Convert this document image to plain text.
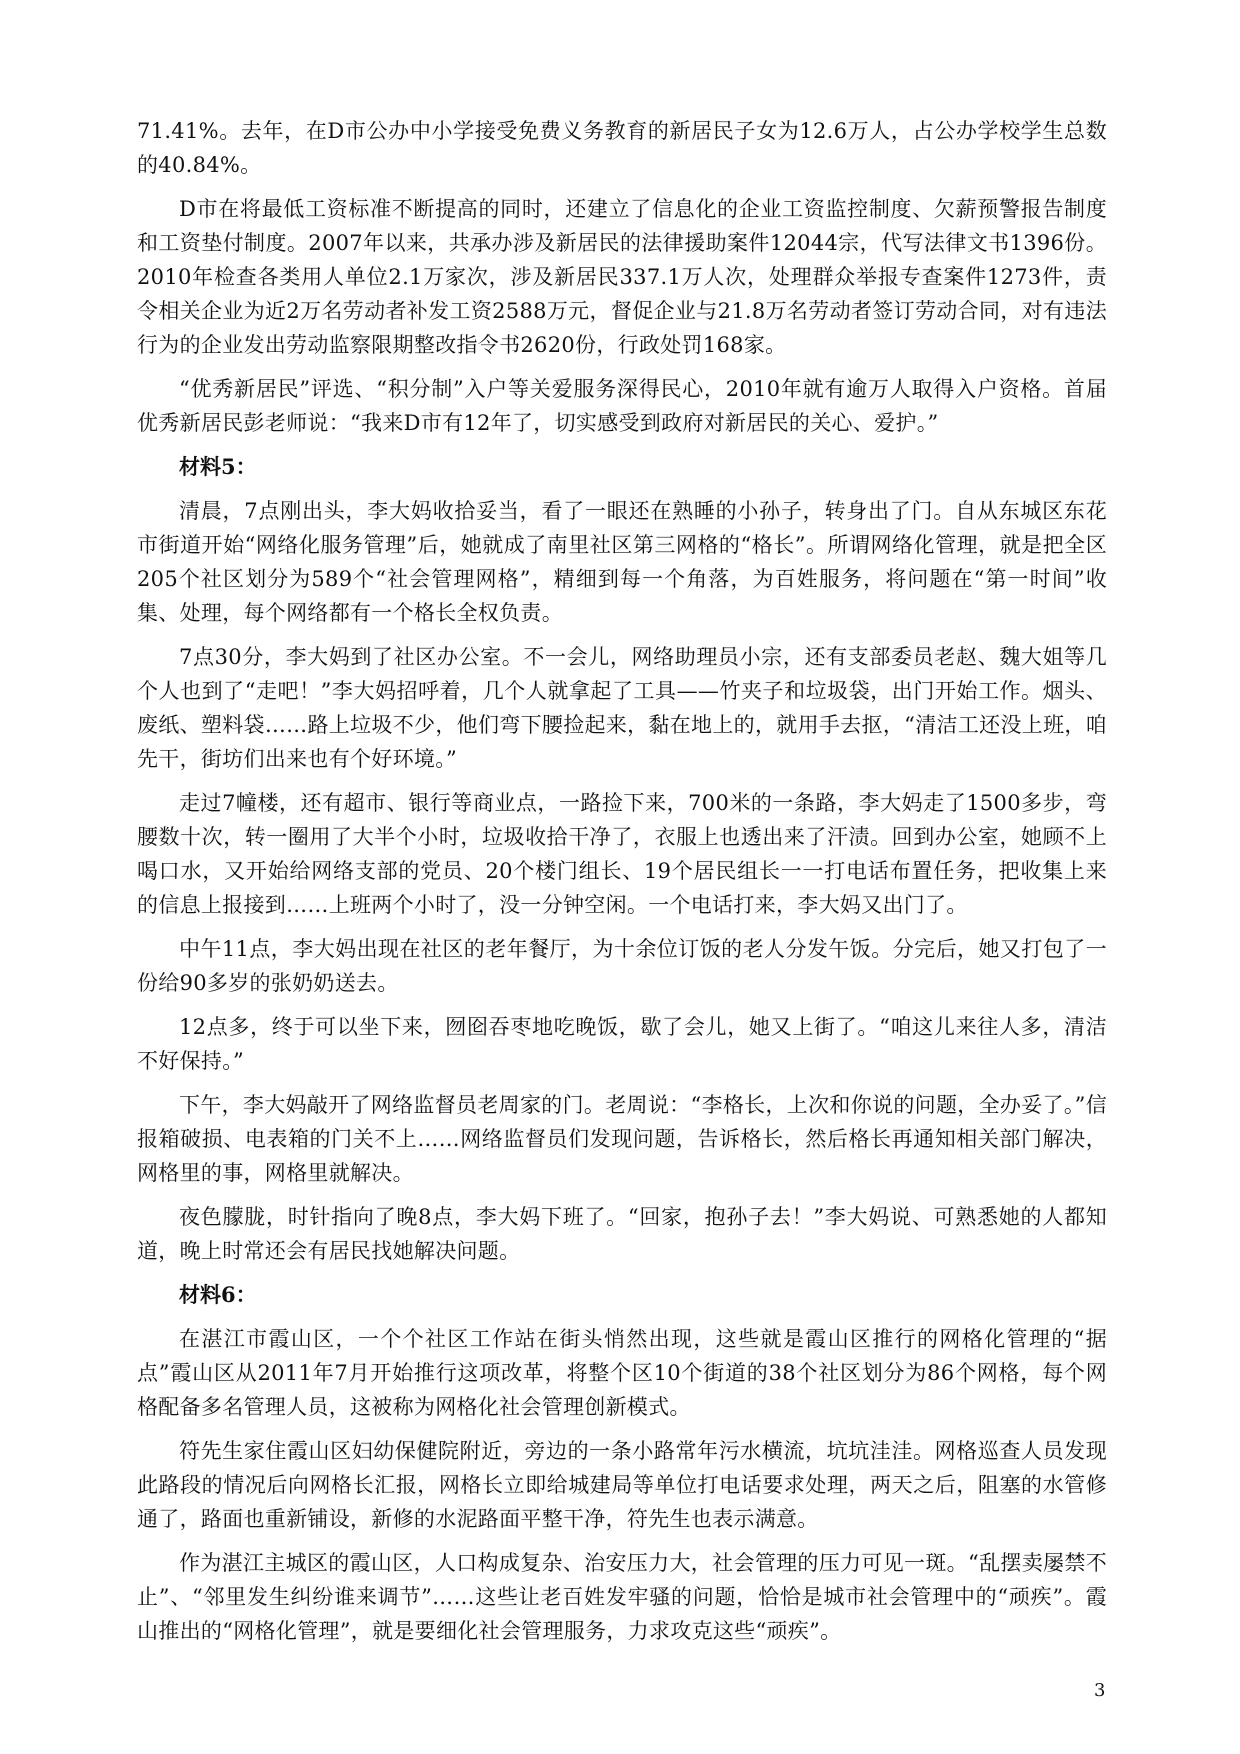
71.41%。去年，在D市公办中小学接受免费义务教育的新居民子女为12.6万人，占公办学校学生总数的40.84%。

D市在将最低工资标准不断提高的同时，还建立了信息化的企业工资监控制度、欠薪预警报告制度和工资垫付制度。2007年以来，共承办涉及新居民的法律援助案件12044宗，代写法律文书1396份。2010年检查各类用人单位2.1万家次，涉及新居民337.1万人次，处理群众举报专查案件1273件，责令相关企业为近2万名劳动者补发工资2588万元，督促企业与21.8万名劳动者签订劳动合同，对有违法行为的企业发出劳动监察限期整改指令书2620份，行政处罚168家。

“优秀新居民”评选、“积分制”入户等关爱服务深得民心，2010年就有逾万人取得入户资格。首届优秀新居民彭老师说：“我来D市有12年了，切实感受到政府对新居民的关心、爱护。”

材料5：

清晨，7点刚出头，李大妈收拾妥当，看了一眼还在熟睡的小孙子，转身出了门。自从东城区东花市街道开始“网络化服务管理”后，她就成了南里社区第三网格的“格长”。所谓网络化管理，就是把全区205个社区划分为589个“社会管理网格”，精细到每一个角落，为百姓服务，将问题在“第一时间”收集、处理，每个网络都有一个格长全权负责。

7点30分，李大妈到了社区办公室。不一会儿，网络助理员小宗，还有支部委员老赵、魏大姐等几个人也到了“走吧！”李大妈招呼着，几个人就拿起了工具——竹夹子和垃圾袋，出门开始工作。烟头、废纸、塑料袋……路上垃圾不少，他们弯下腰捡起来，黏在地上的，就用手去抠，“清洁工还没上班，咱先干，街坊们出来也有个好环境。”

走过7幢楼，还有超市、银行等商业点，一路捡下来，700米的一条路，李大妈走了1500多步，弯腰数十次，转一圈用了大半个小时，垃圾收拾干净了，衣服上也透出来了汗渍。回到办公室，她顾不上喝口水，又开始给网络支部的党员、20个楼门组长、19个居民组长一一打电话布置任务，把收集上来的信息上报接到……上班两个小时了，没一分钟空闲。一个电话打来，李大妈又出门了。

中午11点，李大妈出现在社区的老年餐厅，为十余位订饭的老人分发午饭。分完后，她又打包了一份给90多岁的张奶奶送去。

12点多，终于可以坐下来，囫囵吞枣地吃晚饭，歇了会儿，她又上街了。“咱这儿来往人多，清洁不好保持。”

下午，李大妈敲开了网络监督员老周家的门。老周说：“李格长，上次和你说的问题，全办妥了。”信报箱破损、电表箱的门关不上……网络监督员们发现问题，告诉格长，然后格长再通知相关部门解决，网格里的事，网格里就解决。

夜色朦胧，时针指向了晚8点，李大妈下班了。“回家，抱孙子去！”李大妈说、可熟悉她的人都知道，晚上时常还会有居民找她解决问题。

材料6：

在湛江市霞山区，一个个社区工作站在街头悄然出现，这些就是霞山区推行的网格化管理的“据点”霞山区从2011年7月开始推行这项改革，将整个区10个街道的38个社区划分为86个网格，每个网格配备多名管理人员，这被称为网格化社会管理创新模式。

符先生家住霞山区妇幼保健院附近，旁边的一条小路常年污水横流，坑坑洼洼。网格巡查人员发现此路段的情况后向网格长汇报，网格长立即给城建局等单位打电话要求处理，两天之后，阻塞的水管修通了，路面也重新铺设，新修的水泥路面平整干净，符先生也表示满意。

作为湛江主城区的霞山区，人口构成复杂、治安压力大，社会管理的压力可见一斑。“乱摆卖屡禁不止”、“邻里发生纠纷谁来调节”……这些让老百姓发牢骚的问题，恰恰是城市社会管理中的“顽疾”。霞山推出的“网格化管理”，就是要细化社会管理服务，力求攻克这些“顽疾”。

3
